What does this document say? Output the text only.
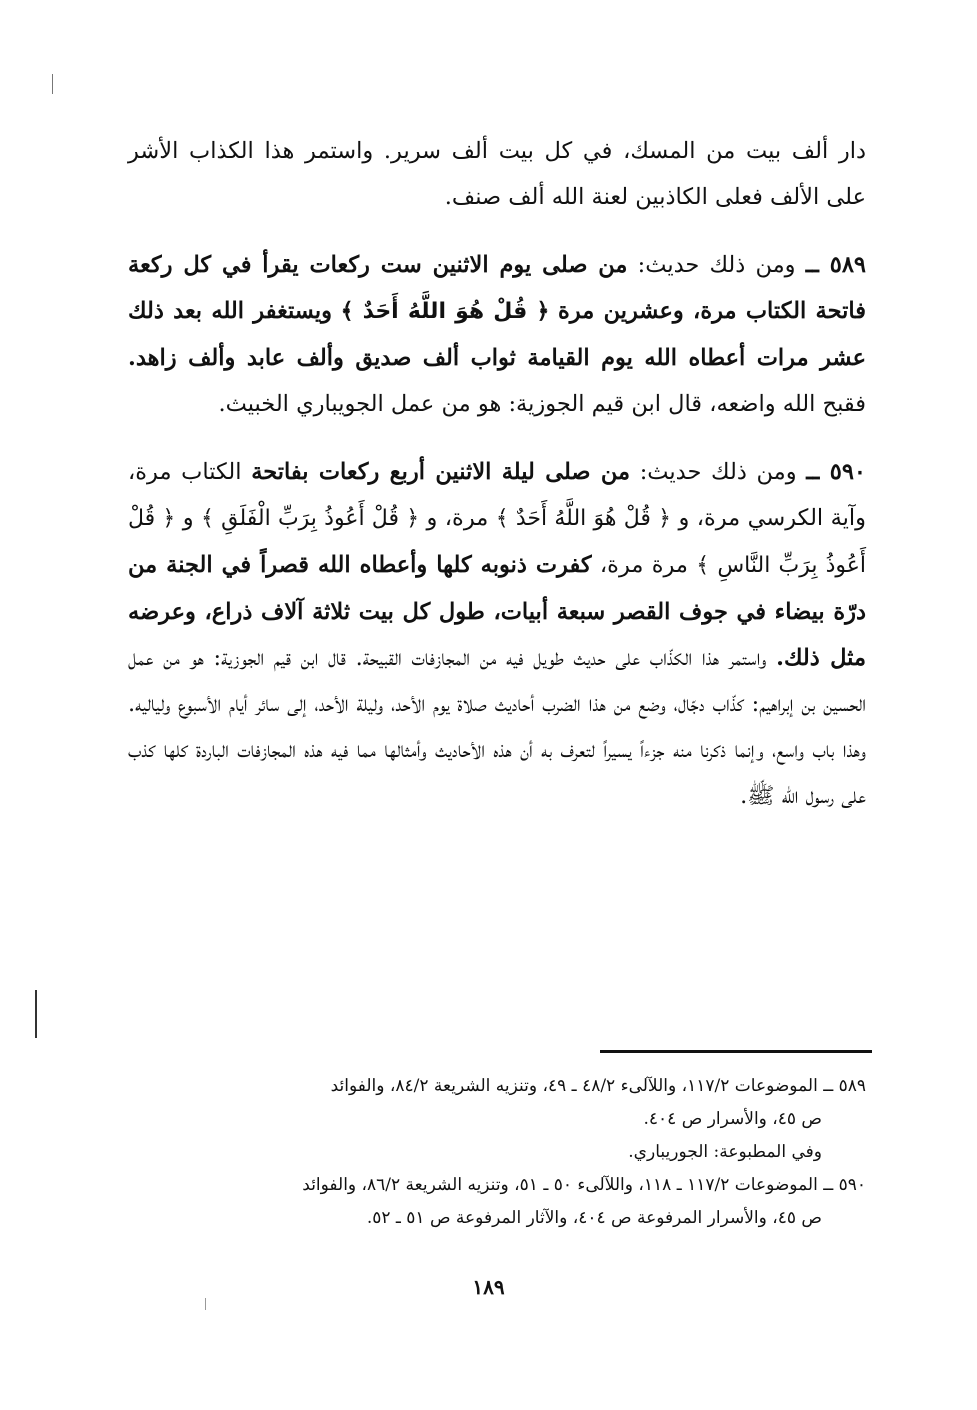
دار ألف بيت من المسك، في كل بيت ألف سرير. واستمر هذا الكذاب الأشر على الألف فعلى الكاذبين لعنة الله ألف صنف.

٥٨٩ ــ ومن ذلك حديث: من صلى يوم الاثنين ست ركعات يقرأ في كل ركعة فاتحة الكتاب مرة، وعشرين مرة ﴿ قُلْ هُوَ اللَّهُ أَحَدٌ ﴾ ويستغفر الله بعد ذلك عشر مرات أعطاه الله يوم القيامة ثواب ألف صديق وألف عابد وألف زاهد. فقبح الله واضعه، قال ابن قيم الجوزية: هو من عمل الجويباري الخبيث.

٥٩٠ ــ ومن ذلك حديث: من صلى ليلة الاثنين أربع ركعات بفاتحة الكتاب مرة، وآية الكرسي مرة، و ﴿ قُلْ هُوَ اللَّهُ أَحَدٌ ﴾ مرة، و ﴿ قُلْ أَعُوذُ بِرَبِّ الْفَلَقِ ﴾ و ﴿ قُلْ أَعُوذُ بِرَبِّ النَّاسِ ﴾ مرة مرة، كفرت ذنوبه كلها وأعطاه الله قصراً في الجنة من درّة بيضاء في جوف القصر سبعة أبيات، طول كل بيت ثلاثة آلاف ذراع، وعرضه مثل ذلك. واستمر هذا الكذّاب على حديث طويل فيه من المجازفات القبيحة. قال ابن قيم الجوزية: هو من عمل الحسين بن إبراهيم: كذّاب دجّال، وضع من هذا الضرب أحاديث صلاة يوم الأحد، وليلة الأحد، إلى سائر أيام الأسبوع ولياليه. وهذا باب واسع، وإنما ذكرنا منه جزءاً يسيراً لتعرف به أن هذه الأحاديث وأمثالها مما فيه هذه المجازفات الباردة كلها كذب على رسول الله ﷺ.

٥٨٩ ــ الموضوعات ١١٧/٢، واللآلىء ٤٨/٢ ـ ٤٩، وتنزيه الشريعة ٨٤/٢، والفوائد
ص ٤٥، والأسرار ص ٤٠٤.
وفي المطبوعة: الجوريباري.

٥٩٠ ــ الموضوعات ١١٧/٢ ـ ١١٨، واللآلىء ٥٠ ـ ٥١، وتنزيه الشريعة ٨٦/٢، والفوائد
ص ٤٥، والأسرار المرفوعة ص ٤٠٤، والآثار المرفوعة ص ٥١ ـ ٥٢.

١٨٩
